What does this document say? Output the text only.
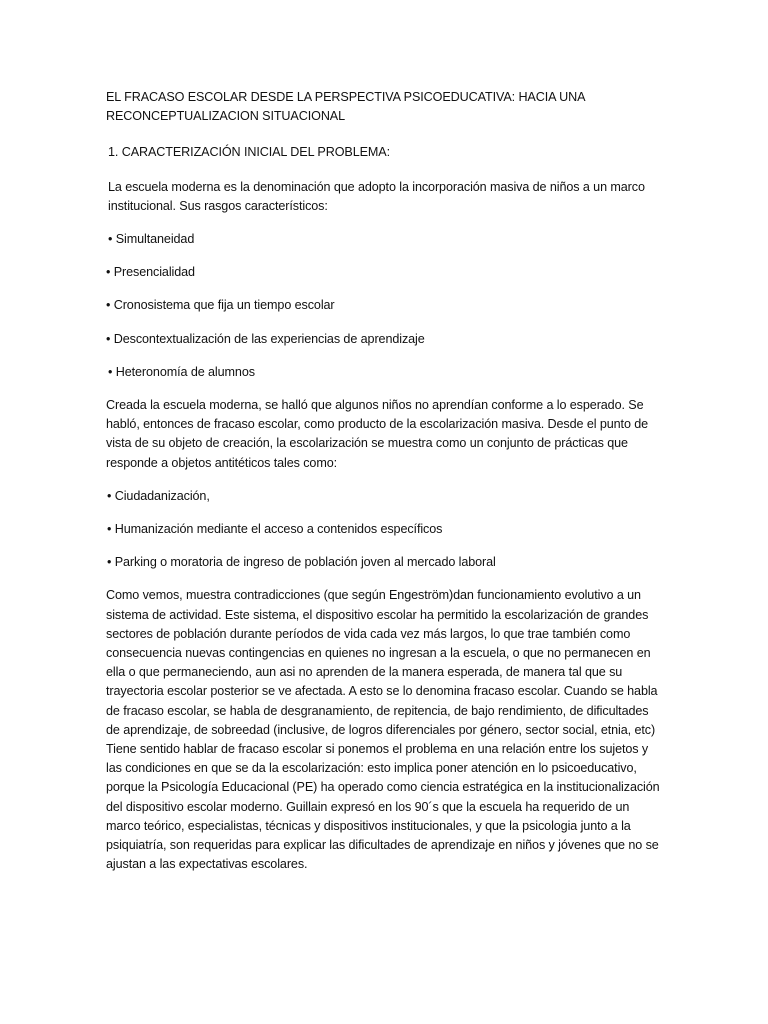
EL FRACASO ESCOLAR DESDE LA PERSPECTIVA PSICOEDUCATIVA: HACIA UNA RECONCEPTUALIZACION SITUACIONAL

1. CARACTERIZACIÓN INICIAL DEL PROBLEMA:

La escuela moderna es la denominación que adopto la incorporación masiva de niños a un marco institucional. Sus rasgos característicos:

• Simultaneidad

• Presencialidad

• Cronosistema que fija un tiempo escolar

• Descontextualización de las experiencias de aprendizaje

• Heteronomía de alumnos

Creada la escuela moderna, se halló que algunos niños no aprendían conforme a lo esperado. Se habló, entonces de fracaso escolar, como producto de la escolarización masiva. Desde el punto de vista de su objeto de creación, la escolarización se muestra como un conjunto de prácticas que responde a objetos antitéticos tales como:

• Ciudadanización,

• Humanización mediante el acceso a contenidos específicos

• Parking o moratoria de ingreso de población joven al mercado laboral

Como vemos, muestra contradicciones (que según Engeström)dan funcionamiento evolutivo a un sistema de actividad. Este sistema, el dispositivo escolar ha permitido la escolarización de grandes sectores de población durante períodos de vida cada vez más largos, lo que trae también como consecuencia nuevas contingencias en quienes no ingresan a la escuela, o que no permanecen en ella o que permaneciendo, aun asi no aprenden de la manera esperada, de manera tal que su trayectoria escolar posterior se ve afectada. A esto se lo denomina fracaso escolar. Cuando se habla de fracaso escolar, se habla de desgranamiento, de repitencia, de bajo rendimiento, de dificultades de aprendizaje, de sobreedad (inclusive, de logros diferenciales por género, sector social, etnia, etc) Tiene sentido hablar de fracaso escolar si ponemos el problema en una relación entre los sujetos y las condiciones en que se da la escolarización: esto implica poner atención en lo psicoeducativo, porque la Psicología Educacional (PE) ha operado como ciencia estratégica en la institucionalización del dispositivo escolar moderno. Guillain expresó en los 90´s que la escuela ha requerido de un marco teórico, especialistas, técnicas y dispositivos institucionales, y que la psicologia junto a la psiquiatría, son requeridas para explicar las dificultades de aprendizaje en niños y jóvenes que no se ajustan a las expectativas escolares.
